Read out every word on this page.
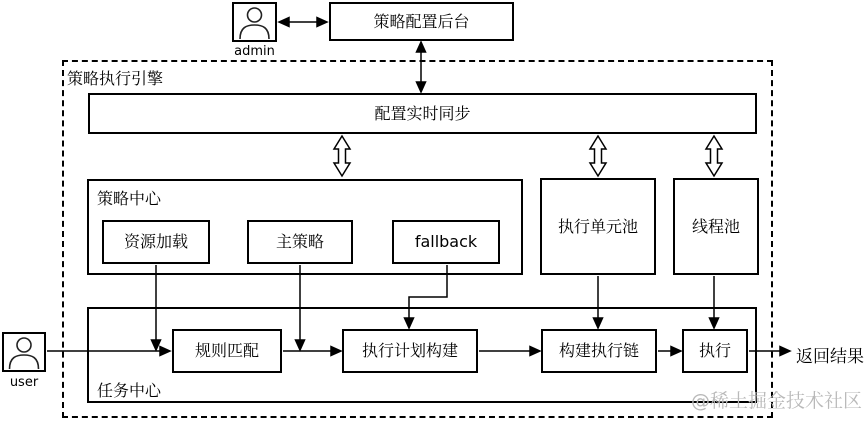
admin
策略配置后台
策略执行引擎
配置实时同步
策略中心
资源加载	主策略	fallback
执行单元池	线程池
任务中心
规则匹配	执行计划构建	构建执行链	执行
user
返回结果
@稀土掘金技术社区
